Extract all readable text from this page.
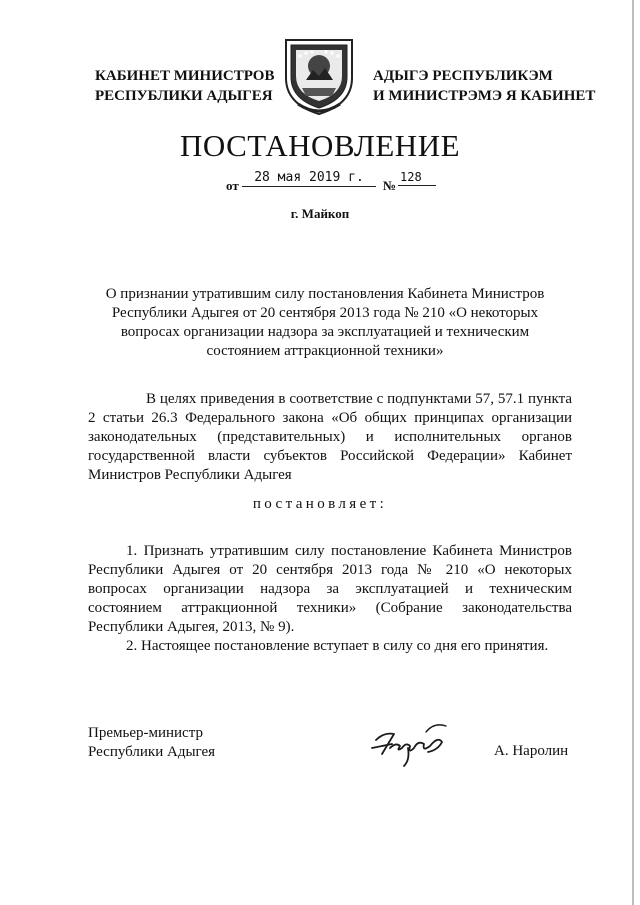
КАБИНЕТ МИНИСТРОВ
РЕСПУБЛИКИ АДЫГЕЯ
АДЫГЭ РЕСПУБЛИКЭМ
И МИНИСТРЭМЭ Я КАБИНЕТ
ПОСТАНОВЛЕНИЕ
от
28 мая 2019 г.
№
128
г. Майкоп
О признании утратившим силу постановления Кабинета Министров Республики Адыгея от 20 сентября 2013 года № 210 «О некоторых вопросах организации надзора за эксплуатацией и техническим состоянием аттракционной техники»
В целях приведения в соответствие с подпунктами 57, 57.1 пункта 2 статьи 26.3 Федерального закона «Об общих принципах организации законодательных (представительных) и исполнительных органов государственной власти субъектов Российской Федерации» Кабинет Министров Республики Адыгея
постановляет:
1. Признать утратившим силу постановление Кабинета Министров Республики Адыгея от 20 сентября 2013 года № 210 «О некоторых вопросах организации надзора за эксплуатацией и техническим состоянием аттракционной техники» (Собрание законодательства Республики Адыгея, 2013, № 9).
2. Настоящее постановление вступает в силу со дня его принятия.
Премьер-министр
Республики Адыгея	А. Наролин
